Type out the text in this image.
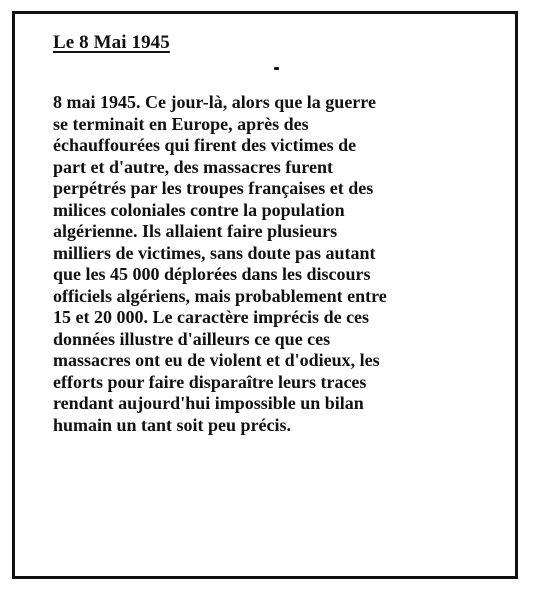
Le 8 Mai 1945

8 mai 1945. Ce jour-là, alors que la guerre
se terminait en Europe, après des
échauffourées qui firent des victimes de
part et d'autre, des massacres furent
perpétrés par les troupes françaises et des
milices coloniales contre la population
algérienne. Ils allaient faire plusieurs
milliers de victimes, sans doute pas autant
que les 45 000 déplorées dans les discours
officiels algériens, mais probablement entre
15 et 20 000. Le caractère imprécis de ces
données illustre d'ailleurs ce que ces
massacres ont eu de violent et d'odieux, les
efforts pour faire disparaître leurs traces
rendant aujourd'hui impossible un bilan
humain un tant soit peu précis.
